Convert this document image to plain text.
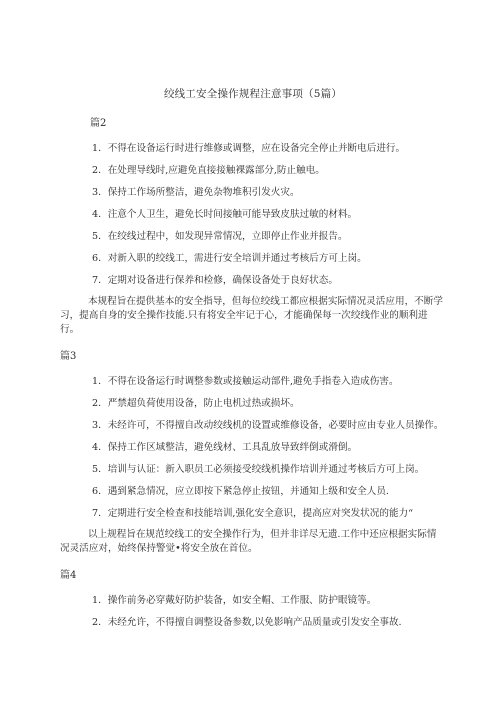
绞线工安全操作规程注意事项（5篇）
篇2
1．不得在设备运行时进行维修或调整，应在设备完全停止并断电后进行。
2．在处理导线时,应避免直接接触裸露部分,防止触电。
3．保持工作场所整洁，避免杂物堆积引发火灾。
4．注意个人卫生，避免长时间接触可能导致皮肤过敏的材料。
5．在绞线过程中，如发现异常情况，立即停止作业并报告。
6．对新入职的绞线工，需进行安全培训并通过考核后方可上岗。
7．定期对设备进行保养和检修，确保设备处于良好状态。
本规程旨在提供基本的安全指导，但每位绞线工都应根据实际情况灵活应用，不断学习，提高自身的安全操作技能.只有将安全牢记于心，才能确保每一次绞线作业的顺利进行。
篇3
1．不得在设备运行时调整参数或接触运动部件,避免手指卷入造成伤害。
2．严禁超负荷使用设备，防止电机过热或损坏。
3．未经许可，不得擅自改动绞线机的设置或维修设备，必要时应由专业人员操作。
4．保持工作区域整洁，避免线材、工具乱放导致绊倒或滑倒。
5．培训与认证：新入职员工必须接受绞线机操作培训并通过考核后方可上岗。
6．遇到紧急情况，应立即按下紧急停止按钮，并通知上级和安全人员.
7．定期进行安全检查和技能培训,强化安全意识，提高应对突发状况的能力“
以上规程旨在规范绞线工的安全操作行为，但并非详尽无遗.工作中还应根据实际情况灵活应对，始终保持警觉•将安全放在首位。
篇4
1．操作前务必穿戴好防护装备，如安全帽、工作服、防护眼镜等。
2．未经允许，不得擅自调整设备参数,以免影响产品质量或引发安全事故.
